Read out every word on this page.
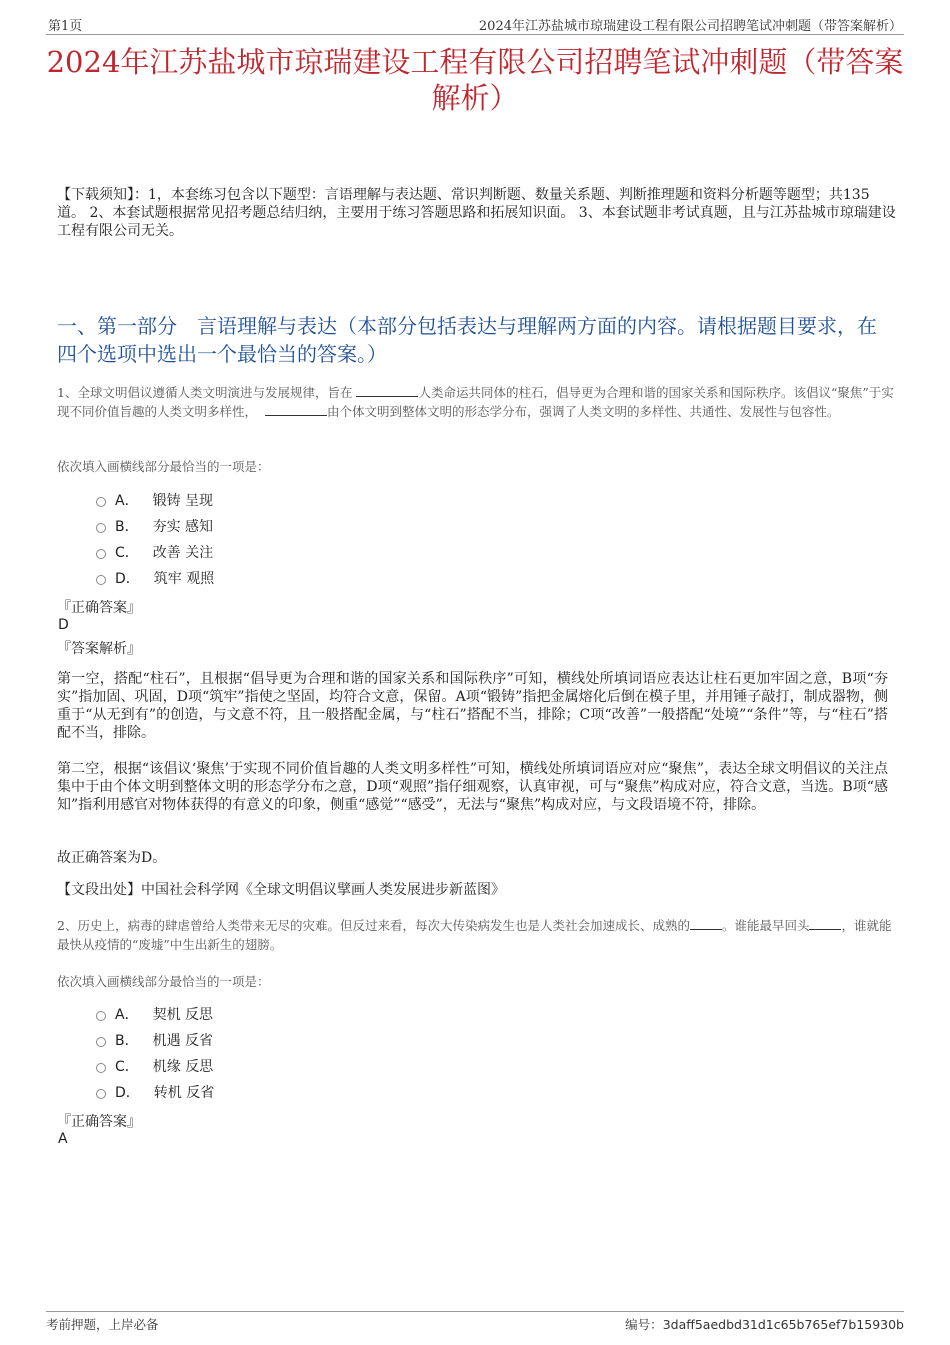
第1页	2024年江苏盐城市琼瑞建设工程有限公司招聘笔试冲刺题（带答案解析）
2024年江苏盐城市琼瑞建设工程有限公司招聘笔试冲刺题（带答案解析）
【下载须知】：1，本套练习包含以下题型：言语理解与表达题、常识判断题、数量关系题、判断推理题和资料分析题等题型；共135道。 2、本套试题根据常见招考题总结归纳，主要用于练习答题思路和拓展知识面。 3、本套试题非考试真题，且与江苏盐城市琼瑞建设工程有限公司无关。
一、第一部分　言语理解与表达（本部分包括表达与理解两方面的内容。请根据题目要求，在四个选项中选出一个最恰当的答案。）
1、全球文明倡议遵循人类文明演进与发展规律，旨在	人类命运共同体的柱石，倡导更为合理和谐的国家关系和国际秩序。该倡议“聚焦”于实现不同价值旨趣的人类文明多样性，	由个体文明到整体文明的形态学分布，强调了人类文明的多样性、共通性、发展性与包容性。
依次填入画横线部分最恰当的一项是：
A． 锻铸 呈现
B． 夯实 感知
C． 改善 关注
D． 筑牢 观照
『正确答案』
D
『答案解析』
第一空，搭配“柱石”，且根据“倡导更为合理和谐的国家关系和国际秩序”可知，横线处所填词语应表达让柱石更加牢固之意，B项“夯实”指加固、巩固，D项“筑牢”指使之坚固，均符合文意，保留。A项“锻铸”指把金属熔化后倒在模子里，并用锤子敲打，制成器物，侧重于“从无到有”的创造，与文意不符，且一般搭配金属，与“柱石”搭配不当，排除；C项“改善”一般搭配“处境”“条件”等，与“柱石”搭配不当，排除。
第二空，根据“该倡议‘聚焦’于实现不同价值旨趣的人类文明多样性”可知，横线处所填词语应对应“聚焦”，表达全球文明倡议的关注点集中于由个体文明到整体文明的形态学分布之意，D项“观照”指仔细观察，认真审视，可与“聚焦”构成对应，符合文意，当选。B项“感知”指利用感官对物体获得的有意义的印象，侧重“感觉”“感受”，无法与“聚焦”构成对应，与文段语境不符，排除。
故正确答案为D。
【文段出处】中国社会科学网《全球文明倡议擘画人类发展进步新蓝图》
2、历史上，病毒的肆虐曾给人类带来无尽的灾难。但反过来看，每次大传染病发生也是人类社会加速成长、成熟的	。谁能最早回头	，谁就能最快从疫情的“废墟”中生出新生的翅膀。
依次填入画横线部分最恰当的一项是：
A． 契机 反思
B． 机遇 反省
C． 机缘 反思
D． 转机 反省
『正确答案』
A
考前押题，上岸必备	编号：3daff5aedbd31d1c65b765ef7b15930b
